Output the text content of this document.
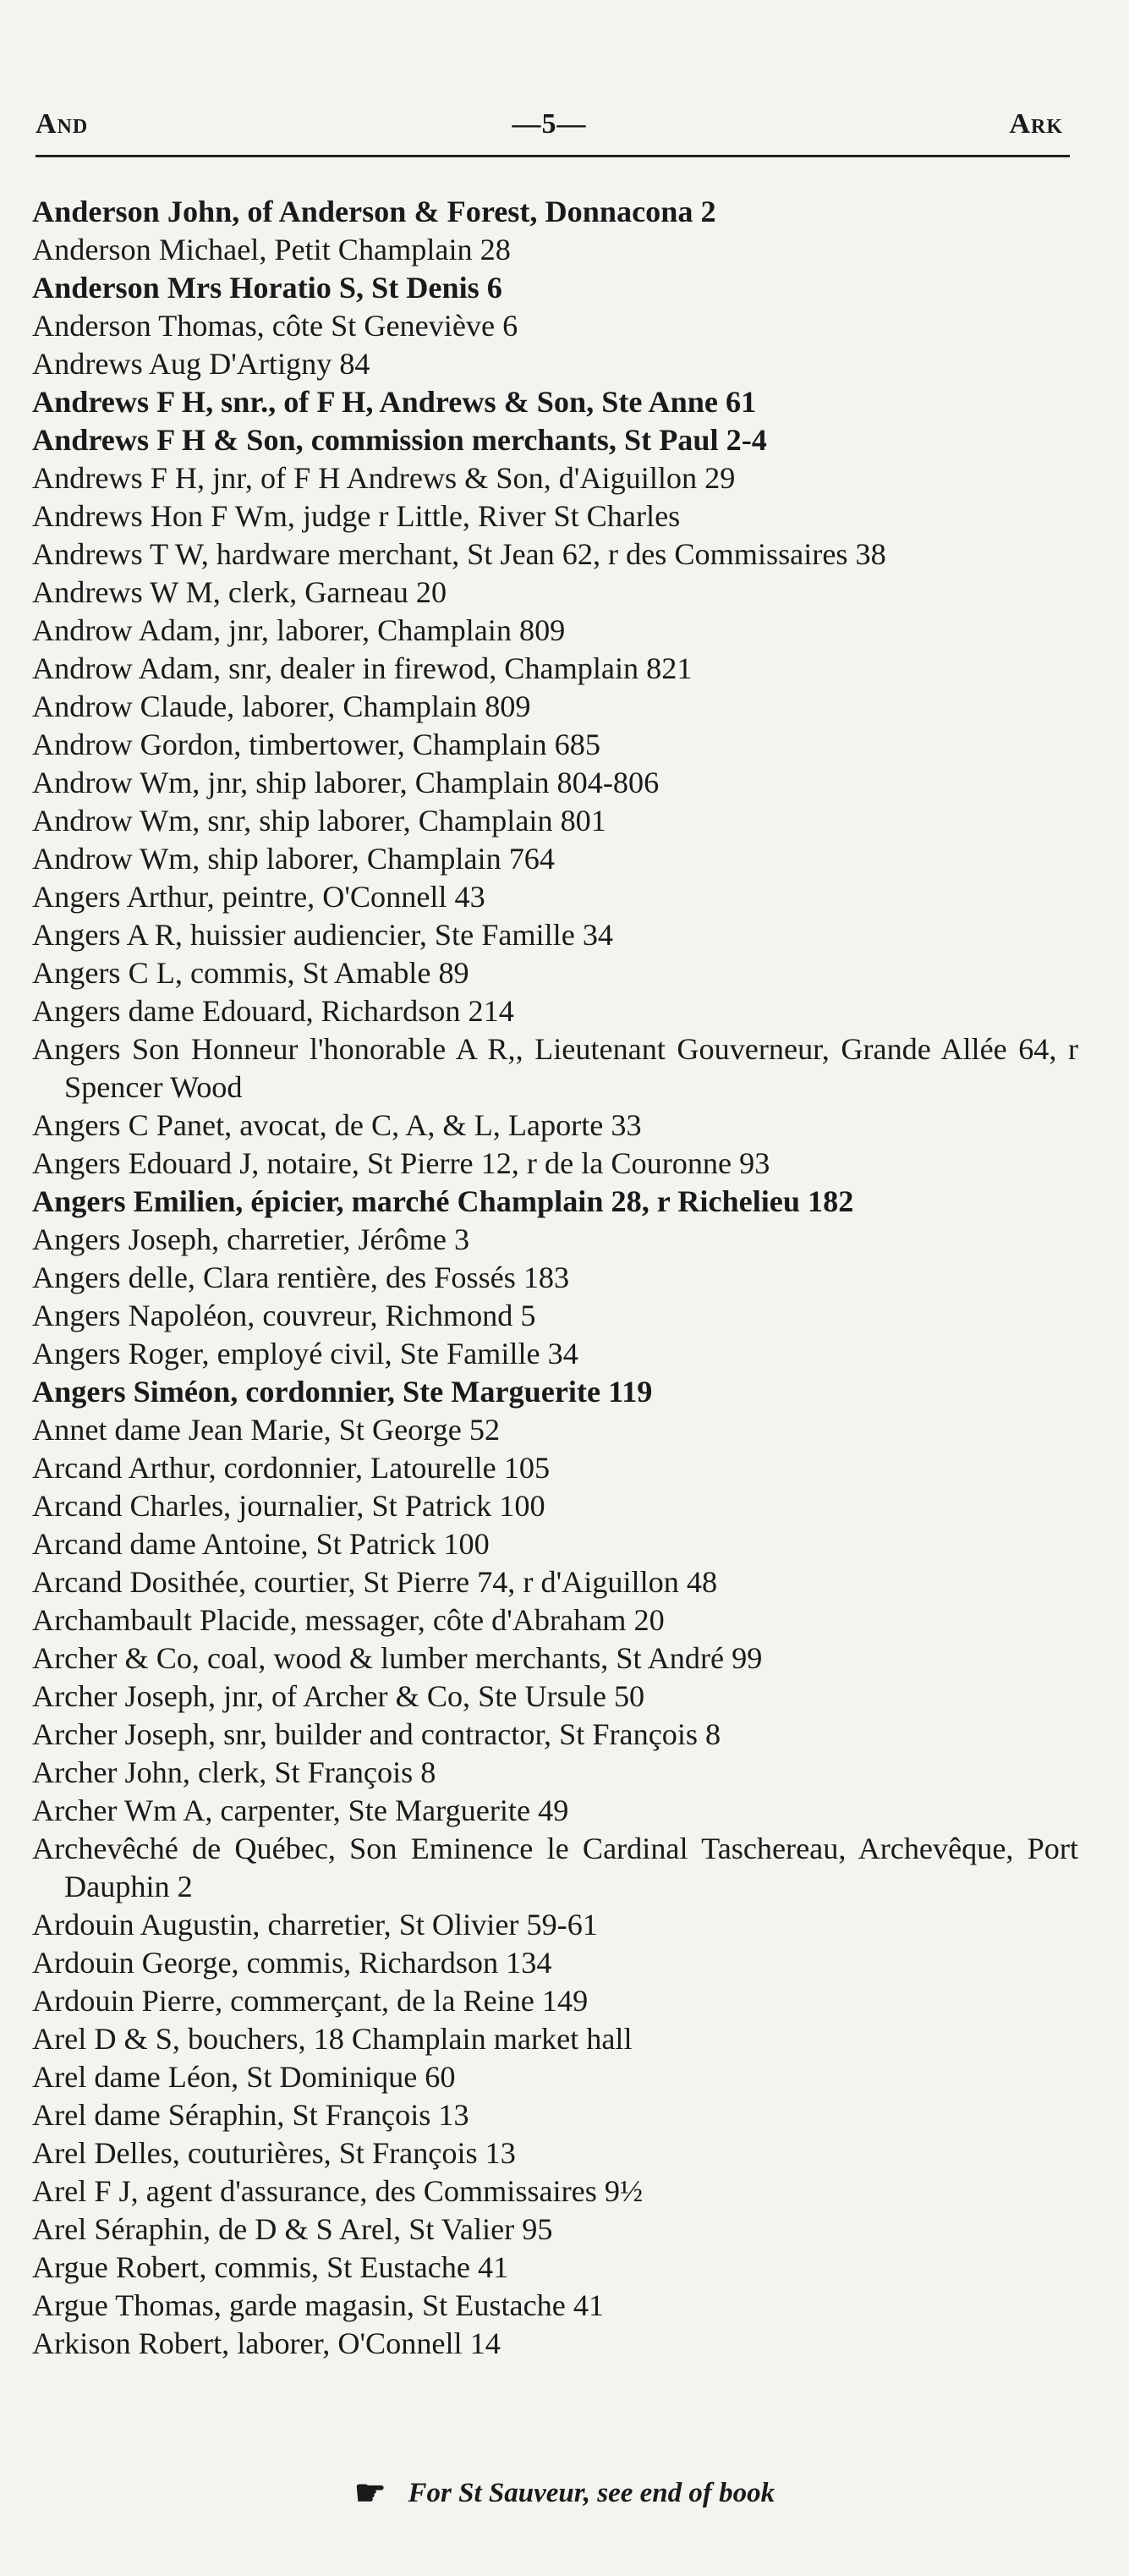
And	—5—	Ark
Anderson John, of Anderson & Forest, Donnacona 2
Anderson Michael, Petit Champlain 28
Anderson Mrs Horatio S, St Denis 6
Anderson Thomas, côte St Geneviève 6
Andrews Aug D'Artigny 84
Andrews F H, snr., of F H, Andrews & Son, Ste Anne 61
Andrews F H & Son, commission merchants, St Paul 2-4
Andrews F H, jnr, of F H Andrews & Son, d'Aiguillon 29
Andrews Hon F Wm, judge r Little, River St Charles
Andrews T W, hardware merchant, St Jean 62, r des Commissaires 38
Andrews W M, clerk, Garneau 20
Androw Adam, jnr, laborer, Champlain 809
Androw Adam, snr, dealer in firewod, Champlain 821
Androw Claude, laborer, Champlain 809
Androw Gordon, timbertower, Champlain 685
Androw Wm, jnr, ship laborer, Champlain 804-806
Androw Wm, snr, ship laborer, Champlain 801
Androw Wm, ship laborer, Champlain 764
Angers Arthur, peintre, O'Connell 43
Angers A R, huissier audiencier, Ste Famille 34
Angers C L, commis, St Amable 89
Angers dame Edouard, Richardson 214
Angers Son Honneur l'honorable A R,, Lieutenant Gouverneur, Grande Allée 64, r Spencer Wood
Angers C Panet, avocat, de C, A, & L, Laporte 33
Angers Edouard J, notaire, St Pierre 12, r de la Couronne 93
Angers Emilien, épicier, marché Champlain 28, r Richelieu 182
Angers Joseph, charretier, Jérôme 3
Angers delle, Clara rentière, des Fossés 183
Angers Napoléon, couvreur, Richmond 5
Angers Roger, employé civil, Ste Famille 34
Angers Siméon, cordonnier, Ste Marguerite 119
Annet dame Jean Marie, St George 52
Arcand Arthur, cordonnier, Latourelle 105
Arcand Charles, journalier, St Patrick 100
Arcand dame Antoine, St Patrick 100
Arcand Dosithée, courtier, St Pierre 74, r d'Aiguillon 48
Archambault Placide, messager, côte d'Abraham 20
Archer & Co, coal, wood & lumber merchants, St André 99
Archer Joseph, jnr, of Archer & Co, Ste Ursule 50
Archer Joseph, snr, builder and contractor, St François 8
Archer John, clerk, St François 8
Archer Wm A, carpenter, Ste Marguerite 49
Archevêché de Québec, Son Eminence le Cardinal Taschereau, Archevêque, Port Dauphin 2
Ardouin Augustin, charretier, St Olivier 59-61
Ardouin George, commis, Richardson 134
Ardouin Pierre, commerçant, de la Reine 149
Arel D & S, bouchers, 18 Champlain market hall
Arel dame Léon, St Dominique 60
Arel dame Séraphin, St François 13
Arel Delles, couturières, St François 13
Arel F J, agent d'assurance, des Commissaires 9½
Arel Séraphin, de D & S Arel, St Valier 95
Argue Robert, commis, St Eustache 41
Argue Thomas, garde magasin, St Eustache 41
Arkison Robert, laborer, O'Connell 14
☛ For St Sauveur, see end of book
